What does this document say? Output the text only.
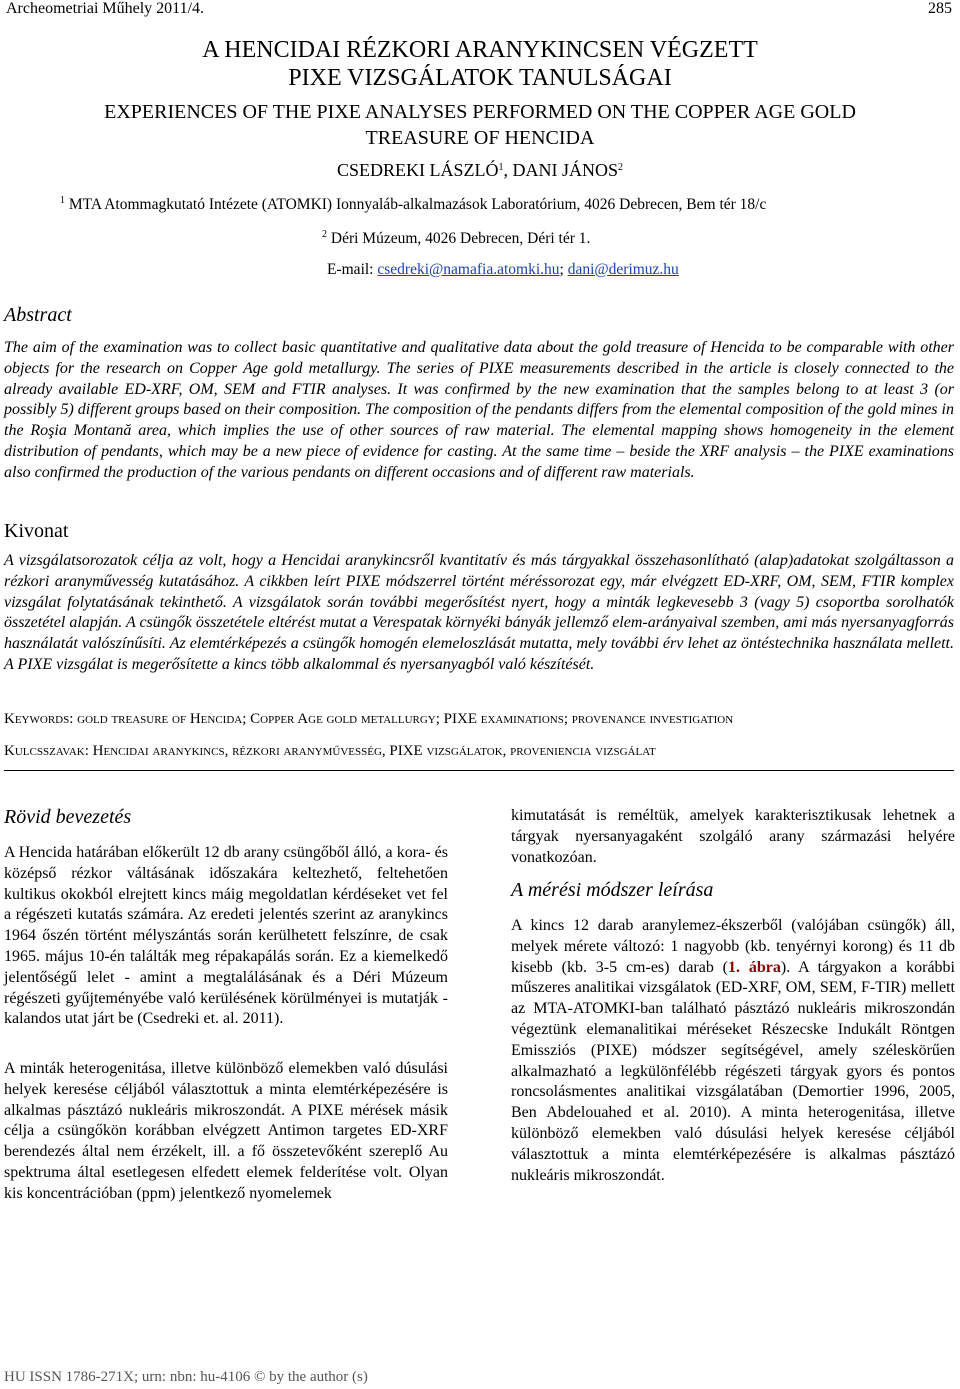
Archeometriai Műhely 2011/4.	285
A HENCIDAI RÉZKORI ARANYKINCSEN VÉGZETT
PIXE VIZSGÁLATOK TANULSÁGAI
EXPERIENCES OF THE PIXE ANALYSES PERFORMED ON THE COPPER AGE GOLD
TREASURE OF HENCIDA
CSEDREKI LÁSZLÓ$^1$, DANI JÁNOS$^2$
$^1$ MTA Atommagkutató Intézete (ATOMKI) Ionnyaláb-alkalmazások Laboratórium, 4026 Debrecen, Bem tér 18/c
$^2$ Déri Múzeum, 4026 Debrecen, Déri tér 1.
E-mail: csedreki@namafia.atomki.hu; dani@derimuz.hu
Abstract
The aim of the examination was to collect basic quantitative and qualitative data about the gold treasure of Hencida to be comparable with other objects for the research on Copper Age gold metallurgy. The series of PIXE measurements described in the article is closely connected to the already available ED-XRF, OM, SEM and FTIR analyses. It was confirmed by the new examination that the samples belong to at least 3 (or possibly 5) different groups based on their composition. The composition of the pendants differs from the elemental composition of the gold mines in the Roşia Montană area, which implies the use of other sources of raw material. The elemental mapping shows homogeneity in the element distribution of pendants, which may be a new piece of evidence for casting. At the same time – beside the XRF analysis – the PIXE examinations also confirmed the production of the various pendants on different occasions and of different raw materials.
Kivonat
A vizsgálatsorozatok célja az volt, hogy a Hencidai aranykincsről kvantitatív és más tárgyakkal összehasonlítható (alap)adatokat szolgáltasson a rézkori aranyművesség kutatásához. A cikkben leírt PIXE módszerrel történt méréssorozat egy, már elvégzett ED-XRF, OM, SEM, FTIR komplex vizsgálat folytatásának tekinthető. A vizsgálatok során további megerősítést nyert, hogy a minták legkevesebb 3 (vagy 5) csoportba sorolhatók összetétel alapján. A csüngők összetétele eltérést mutat a Verespatak környéki bányák jellemző elem-arányaival szemben, ami más nyersanyagforrás használatát valószínűsíti. Az elemtérképezés a csüngők homogén elemeloszlását mutatta, mely további érv lehet az öntéstechnika használata mellett. A PIXE vizsgálat is megerősítette a kincs több alkalommal és nyersanyagból való készítését.
Keywords: gold treasure of Hencida; Copper Age gold metallurgy; PIXE examinations; provenance investigation
Kulcsszavak: Hencidai aranykincs, rézkori aranyművesség, PIXE vizsgálatok, proveniencia vizsgálat
Rövid bevezetés
A Hencida határában előkerült 12 db arany csüngőből álló, a kora- és középső rézkor váltásának időszakára keltezhető, feltehetően kultikus okokból elrejtett kincs máig megoldatlan kérdéseket vet fel a régészeti kutatás számára. Az eredeti jelentés szerint az aranykincs 1964 őszén történt mélyszántás során kerülhetett felszínre, de csak 1965. május 10-én találták meg répakapálás során. Ez a kiemelkedő jelentőségű lelet - amint a megtalálásának és a Déri Múzeum régészeti gyűjteményébe való kerülésének körülményei is mutatják - kalandos utat járt be (Csedreki et. al. 2011).
A minták heterogenitása, illetve különböző elemekben való dúsulási helyek keresése céljából választottuk a minta elemtérképezésére is alkalmas pásztázó nukleáris mikroszondát. A PIXE mérések másik célja a csüngőkön korábban elvégzett Antimon targetes ED-XRF berendezés által nem érzékelt, ill. a fő összetevőként szereplő Au spektruma által esetlegesen elfedett elemek felderítése volt. Olyan kis koncentrációban (ppm) jelentkező nyomelemek
kimutatását is reméltük, amelyek karakterisztikusak lehetnek a tárgyak nyersanyagaként szolgáló arany származási helyére vonatkozóan.
A mérési módszer leírása
A kincs 12 darab aranylemez-ékszerből (valójában csüngők) áll, melyek mérete változó: 1 nagyobb (kb. tenyérnyi korong) és 11 db kisebb (kb. 3-5 cm-es) darab (1. ábra). A tárgyakon a korábbi műszeres analitikai vizsgálatok (ED-XRF, OM, SEM, F-TIR) mellett az MTA-ATOMKI-ban található pásztázó nukleáris mikroszondán végeztünk elemanalitikai méréseket Részecske Indukált Röntgen Emissziós (PIXE) módszer segítségével, amely széleskörűen alkalmazható a legkülönfélébb régészeti tárgyak gyors és pontos roncsolásmentes analitikai vizsgálatában (Demortier 1996, 2005, Ben Abdelouahed et al. 2010). A minta heterogenitása, illetve különböző elemekben való dúsulási helyek keresése céljából választottuk a minta elemtérképezésére is alkalmas pásztázó nukleáris mikroszondát.
HU ISSN 1786-271X; urn: nbn: hu-4106 © by the author (s)
